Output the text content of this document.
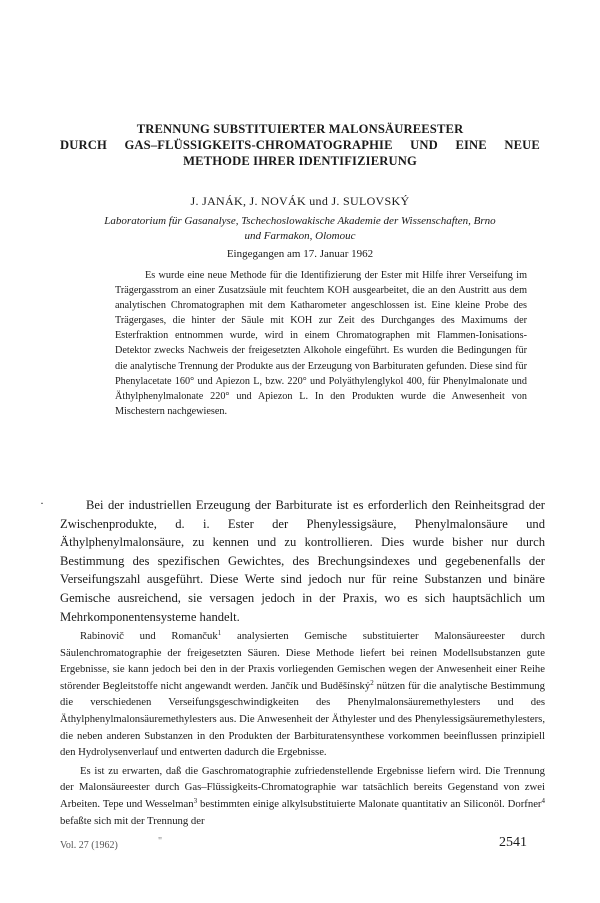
TRENNUNG SUBSTITUIERTER MALONSÄUREESTER
DURCH GAS–FLÜSSIGKEITS-CHROMATOGRAPHIE UND EINE NEUE
METHODE IHRER IDENTIFIZIERUNG
J. JANÁK, J. NOVÁK und J. SULOVSKÝ
Laboratorium für Gasanalyse, Tschechoslowakische Akademie der Wissenschaften, Brno
und Farmakon, Olomouc
Eingegangen am 17. Januar 1962

Es wurde eine neue Methode für die Identifizierung der Ester mit Hilfe ihrer Verseifung im Trägergasstrom an einer Zusatzsäule mit feuchtem KOH ausgearbeitet, die an den Austritt aus dem analytischen Chromatographen mit dem Katharometer angeschlossen ist. Eine kleine Probe des Trägergases, die hinter der Säule mit KOH zur Zeit des Durchganges des Maximums der Esterfraktion entnommen wurde, wird in einem Chromatographen mit Flammen-Ionisations-Detektor zwecks Nachweis der freigesetzten Alkohole eingeführt. Es wurden die Bedingungen für die analytische Trennung der Produkte aus der Erzeugung von Barbituraten gefunden. Diese sind für Phenylacetate 160° und Apiezon L, bzw. 220° und Polyäthylenglykol 400, für Phenylmalonate und Äthylphenylmalonate 220° und Apiezon L. In den Produkten wurde die Anwesenheit von Mischestern nachgewiesen.

·	Bei der industriellen Erzeugung der Barbiturate ist es erforderlich den Reinheitsgrad der Zwischenprodukte, d. i. Ester der Phenylessigsäure, Phenylmalonsäure und Äthylphenylmalonsäure, zu kennen und zu kontrollieren. Dies wurde bisher nur durch Bestimmung des spezifischen Gewichtes, des Brechungsindexes und gegebenenfalls der Verseifungszahl ausgeführt. Diese Werte sind jedoch nur für reine Substanzen und binäre Gemische ausreichend, sie versagen jedoch in der Praxis, wo es sich hauptsächlich um Mehrkomponentensysteme handelt.

Rabinovič und Romančuk$^1$ analysierten Gemische substituierter Malonsäureester durch Säulenchromatographie der freigesetzten Säuren. Diese Methode liefert bei reinen Modellsubstanzen gute Ergebnisse, sie kann jedoch bei den in der Praxis vorliegenden Gemischen wegen der Anwesenheit einer Reihe störender Begleitstoffe nicht angewandt werden. Jančík und Buděšínský$^2$ nützen für die analytische Bestimmung die verschiedenen Verseifungsgeschwindigkeiten des Phenylmalonsäuremethylesters und des Äthylphenylmalonsäuremethylesters aus. Die Anwesenheit der Äthylester und des Phenylessigsäuremethylesters, die neben anderen Substanzen in den Produkten der Barbituratensynthese vorkommen beeinflussen prinzipiell den Hydrolysenverlauf und entwerten dadurch die Ergebnisse.

Es ist zu erwarten, daß die Gaschromatographie zufriedenstellende Ergebnisse liefern wird. Die Trennung der Malonsäureester durch Gas–Flüssigkeits-Chromatographie war tatsächlich bereits Gegenstand von zwei Arbeiten. Tepe und Wesselman$^3$ bestimmten einige alkylsubstituierte Malonate quantitativ an Siliconöl. Dorfner$^4$ befaßte sich mit der Trennung der

Vol. 27 (1962)	"	2541
